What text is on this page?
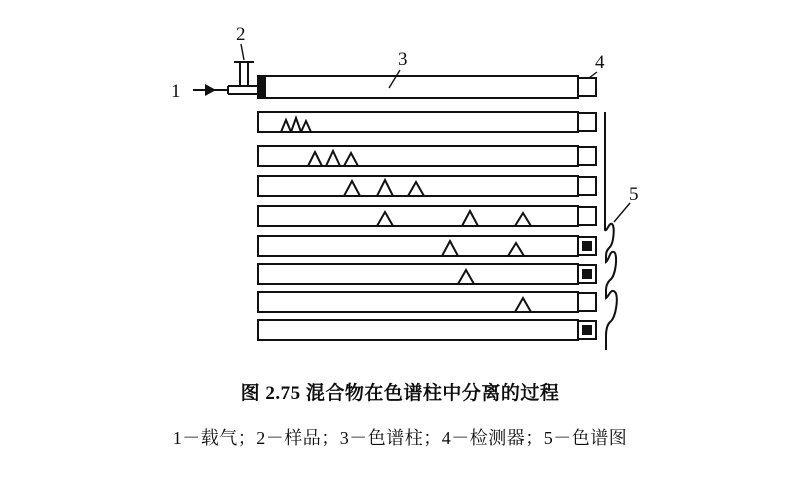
1
2
3	4
5
图 2.75 混合物在色谱柱中分离的过程
1－载气；2－样品；3－色谱柱；4－检测器；5－色谱图
